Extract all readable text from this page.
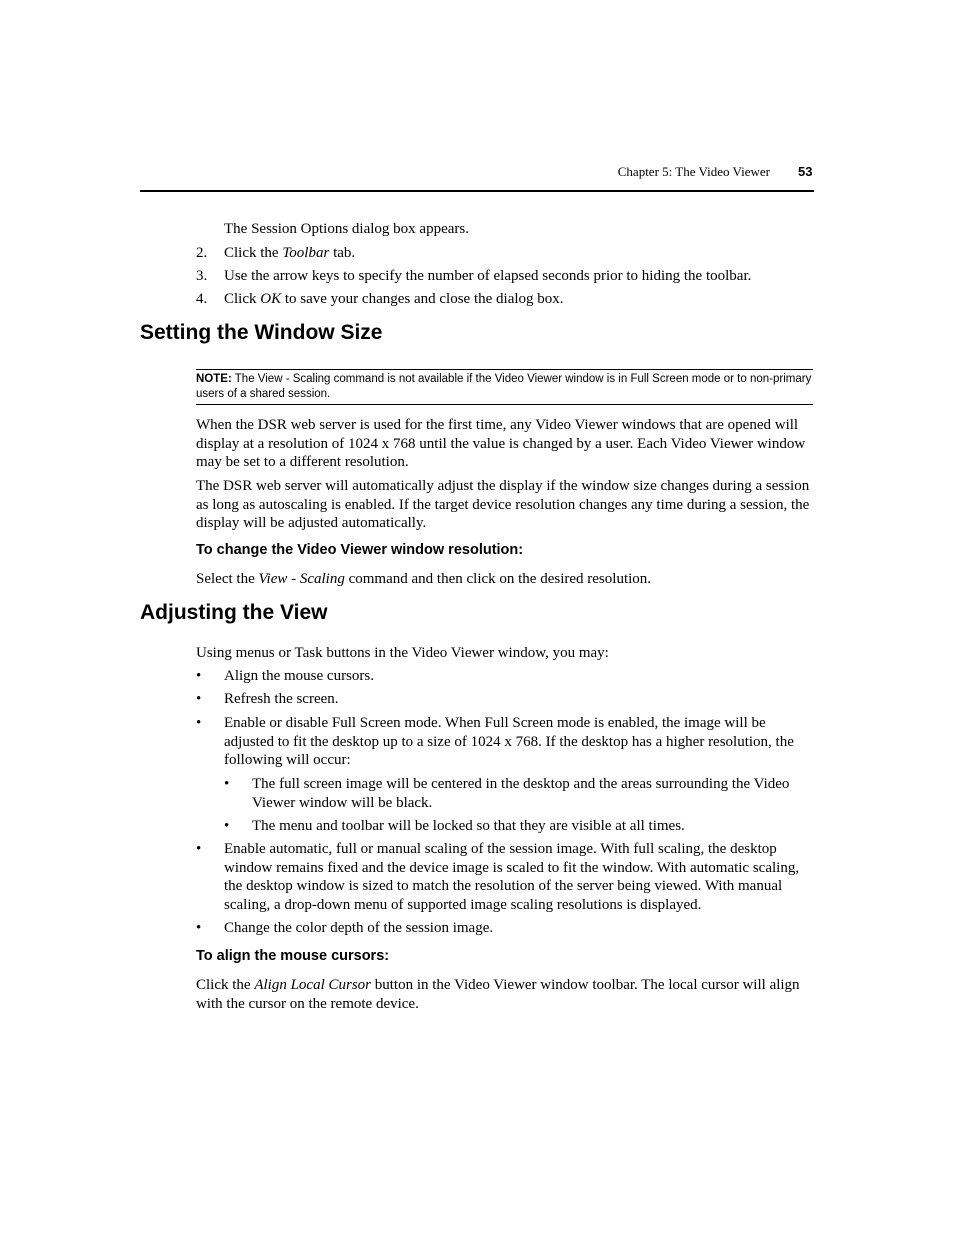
Chapter 5: The Video Viewer 53
The Session Options dialog box appears.
2. Click the Toolbar tab.
3. Use the arrow keys to specify the number of elapsed seconds prior to hiding the toolbar.
4. Click OK to save your changes and close the dialog box.
Setting the Window Size
NOTE: The View - Scaling command is not available if the Video Viewer window is in Full Screen mode or to non-primary users of a shared session.
When the DSR web server is used for the first time, any Video Viewer windows that are opened will display at a resolution of 1024 x 768 until the value is changed by a user. Each Video Viewer window may be set to a different resolution.
The DSR web server will automatically adjust the display if the window size changes during a session as long as autoscaling is enabled. If the target device resolution changes any time during a session, the display will be adjusted automatically.
To change the Video Viewer window resolution:
Select the View - Scaling command and then click on the desired resolution.
Adjusting the View
Using menus or Task buttons in the Video Viewer window, you may:
• Align the mouse cursors.
• Refresh the screen.
• Enable or disable Full Screen mode. When Full Screen mode is enabled, the image will be adjusted to fit the desktop up to a size of 1024 x 768. If the desktop has a higher resolution, the following will occur:
• The full screen image will be centered in the desktop and the areas surrounding the Video Viewer window will be black.
• The menu and toolbar will be locked so that they are visible at all times.
• Enable automatic, full or manual scaling of the session image. With full scaling, the desktop window remains fixed and the device image is scaled to fit the window. With automatic scaling, the desktop window is sized to match the resolution of the server being viewed. With manual scaling, a drop-down menu of supported image scaling resolutions is displayed.
• Change the color depth of the session image.
To align the mouse cursors:
Click the Align Local Cursor button in the Video Viewer window toolbar. The local cursor will align with the cursor on the remote device.
